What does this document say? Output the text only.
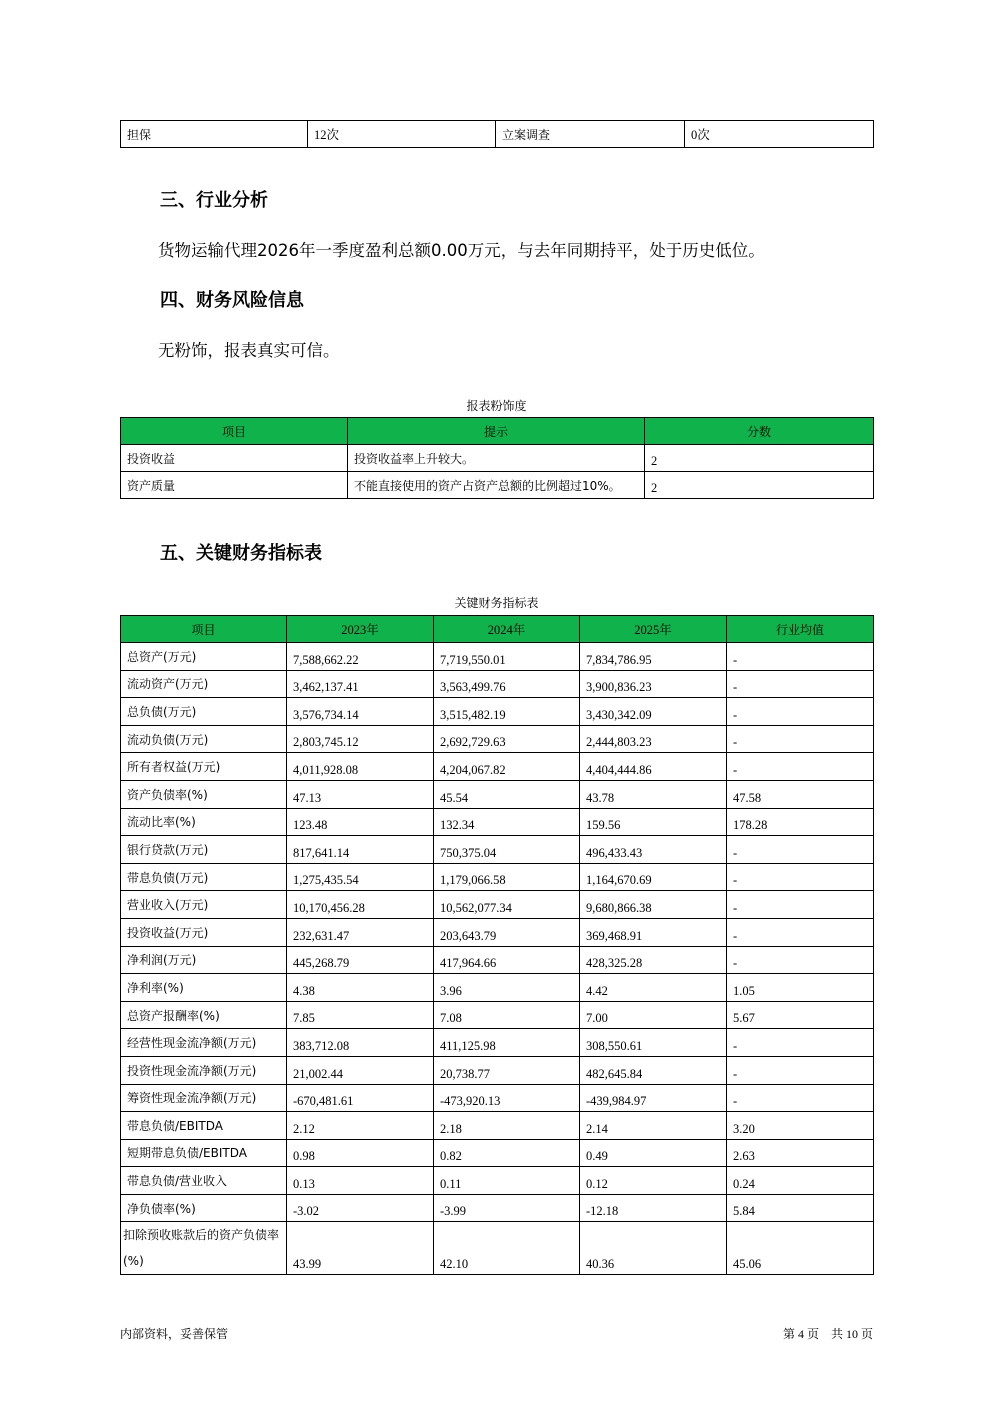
担保	12次	立案调查	0次
三、行业分析

货物运输代理2026年一季度盈利总额0.00万元，与去年同期持平，处于历史低位。

四、财务风险信息

无粉饰，报表真实可信。

报表粉饰度
项目	提示	分数
投资收益	投资收益率上升较大。	2
资产质量	不能直接使用的资产占资产总额的比例超过10%。	2
五、关键财务指标表
关键财务指标表
项目	2023年	2024年	2025年	行业均值
总资产(万元)	7,588,662.22	7,719,550.01	7,834,786.95	-
流动资产(万元)	3,462,137.41	3,563,499.76	3,900,836.23	-
总负债(万元)	3,576,734.14	3,515,482.19	3,430,342.09	-
流动负债(万元)	2,803,745.12	2,692,729.63	2,444,803.23	-
所有者权益(万元)	4,011,928.08	4,204,067.82	4,404,444.86	-
资产负债率(%)	47.13	45.54	43.78	47.58
流动比率(%)	123.48	132.34	159.56	178.28
银行贷款(万元)	817,641.14	750,375.04	496,433.43	-
带息负债(万元)	1,275,435.54	1,179,066.58	1,164,670.69	-
营业收入(万元)	10,170,456.28	10,562,077.34	9,680,866.38	-
投资收益(万元)	232,631.47	203,643.79	369,468.91	-
净利润(万元)	445,268.79	417,964.66	428,325.28	-
净利率(%)	4.38	3.96	4.42	1.05
总资产报酬率(%)	7.85	7.08	7.00	5.67
经营性现金流净额(万元)	383,712.08	411,125.98	308,550.61	-
投资性现金流净额(万元)	21,002.44	20,738.77	482,645.84	-
筹资性现金流净额(万元)	-670,481.61	-473,920.13	-439,984.97	-
带息负债/EBITDA	2.12	2.18	2.14	3.20
短期带息负债/EBITDA	0.98	0.82	0.49	2.63
带息负债/营业收入	0.13	0.11	0.12	0.24
净负债率(%)	-3.02	-3.99	-12.18	5.84
扣除预收账款后的资产负债率(%)	43.99	42.10	40.36	45.06
内部资料，妥善保管	第 4 页　共 10 页
